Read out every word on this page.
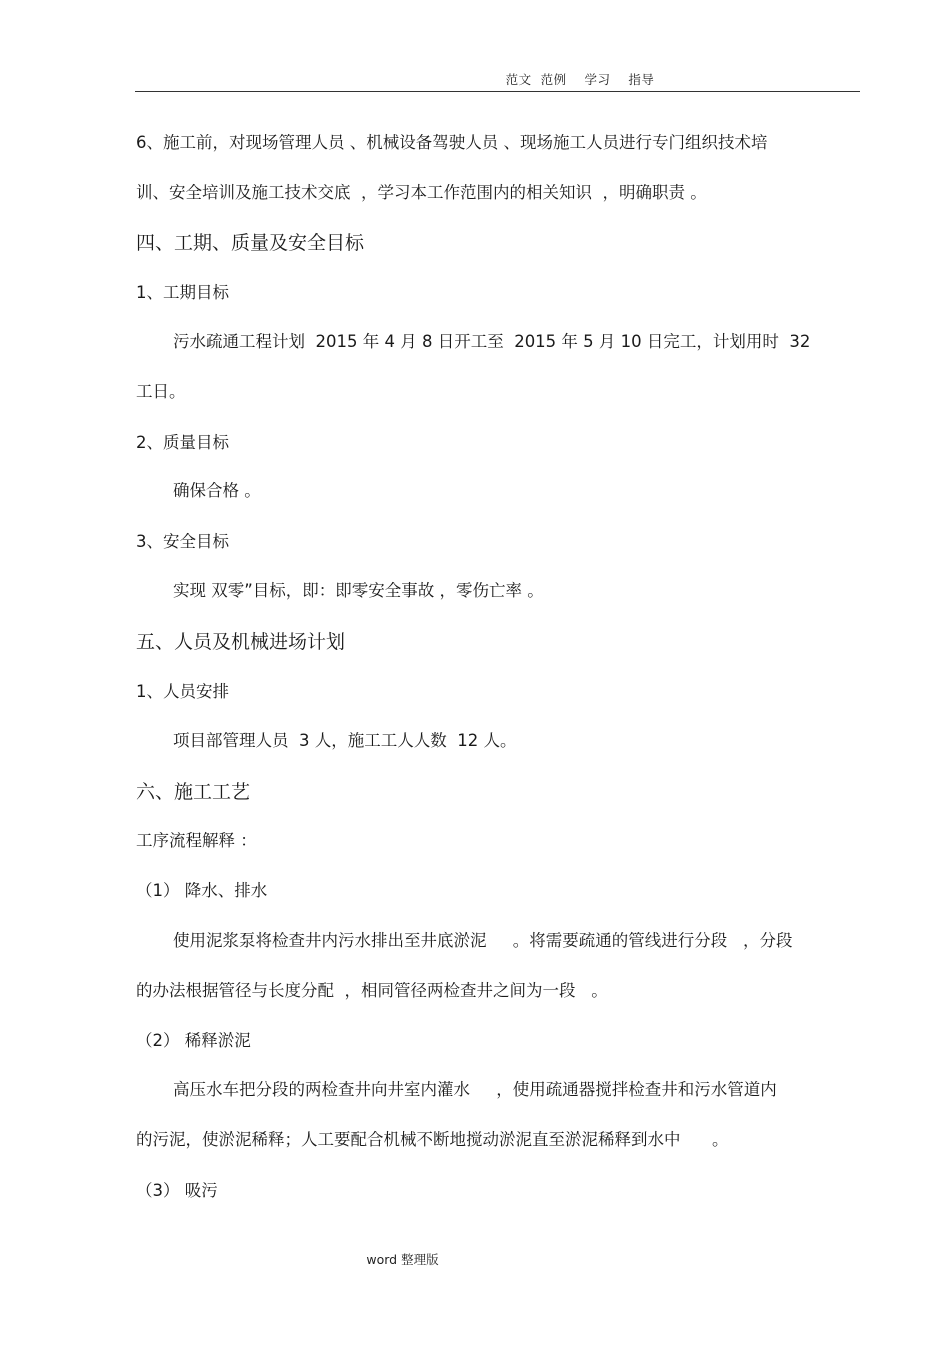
范文  范例    学习    指导
6、施工前，对现场管理人员 、机械设备驾驶人员 、现场施工人员进行专门组织技术培
训、安全培训及施工技术交底  ，学习本工作范围内的相关知识  ，明确职责 。
四、工期、质量及安全目标
1、工期目标
污水疏通工程计划  2015 年 4 月 8 日开工至  2015 年 5 月 10 日完工，计划用时  32
工日。
2、质量目标
确保合格 。
3、安全目标
实现 双零”目标，即：即零安全事故 ，零伤亡率 。
五、人员及机械进场计划
1、人员安排
项目部管理人员  3 人，施工工人人数  12 人。
六、施工工艺
工序流程解释 ：
（1） 降水、排水
使用泥浆泵将检查井内污水排出至井底淤泥     。将需要疏通的管线进行分段   ，分段
的办法根据管径与长度分配  ，相同管径两检查井之间为一段   。
（2） 稀释淤泥
高压水车把分段的两检查井向井室内灌水     ，使用疏通器搅拌检查井和污水管道内
的污泥，使淤泥稀释；人工要配合机械不断地搅动淤泥直至淤泥稀释到水中      。
（3） 吸污
word 整理版
